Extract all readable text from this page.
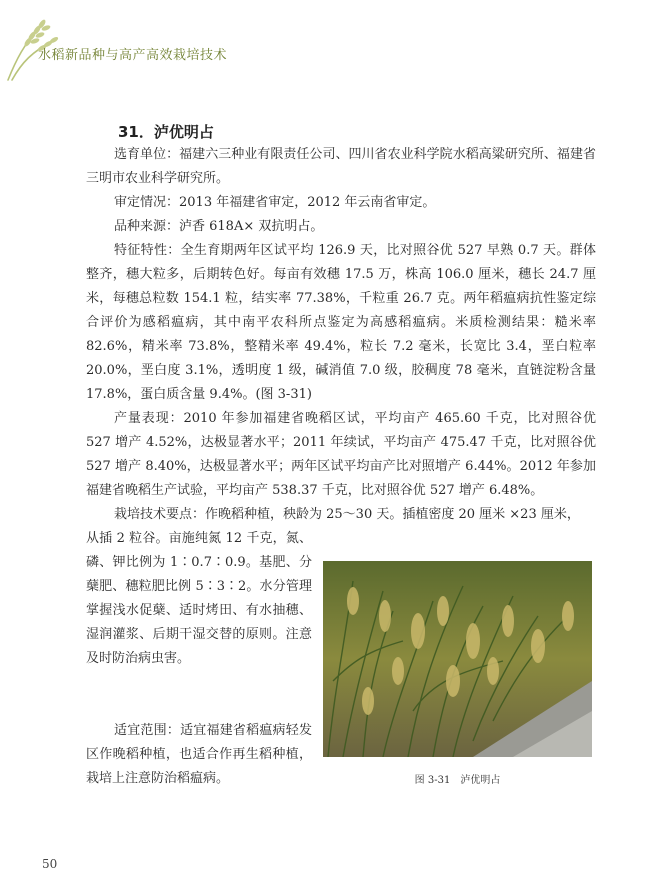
水稻新品种与高产高效栽培技术
31．泸优明占

选育单位：福建六三种业有限责任公司、四川省农业科学院水稻高粱研究所、福建省三明市农业科学研究所。

审定情况：2013 年福建省审定，2012 年云南省审定。

品种来源：泸香 618A× 双抗明占。

特征特性：全生育期两年区试平均 126.9 天，比对照谷优 527 早熟 0.7 天。群体整齐，穗大粒多，后期转色好。每亩有效穗 17.5 万，株高 106.0 厘米，穗长 24.7 厘米，每穗总粒数 154.1 粒，结实率 77.38%，千粒重 26.7 克。两年稻瘟病抗性鉴定综合评价为感稻瘟病，其中南平农科所点鉴定为高感稻瘟病。米质检测结果：糙米率 82.6%，精米率 73.8%，整精米率 49.4%，粒长 7.2 毫米，长宽比 3.4，垩白粒率 20.0%，垩白度 3.1%，透明度 1 级，碱消值 7.0 级，胶稠度 78 毫米，直链淀粉含量 17.8%，蛋白质含量 9.4%。(图 3-31)

产量表现：2010 年参加福建省晚稻区试，平均亩产 465.60 千克，比对照谷优 527 增产 4.52%，达极显著水平；2011 年续试，平均亩产 475.47 千克，比对照谷优 527 增产 8.40%，达极显著水平；两年区试平均亩产比对照增产 6.44%。2012 年参加福建省晚稻生产试验，平均亩产 538.37 千克，比对照谷优 527 增产 6.48%。

栽培技术要点：作晚稻种植，秧龄为 25～30 天。插植密度 20 厘米 ×23 厘米，

从插 2 粒谷。亩施纯氮 12 千克，氮、磷、钾比例为 1∶0.7∶0.9。基肥、分蘖肥、穗粒肥比例 5∶3∶2。水分管理掌握浅水促蘖、适时烤田、有水抽穗、湿润灌浆、后期干湿交替的原则。注意及时防治病虫害。

适宜范围：适宜福建省稻瘟病轻发区作晚稻种植，也适合作再生稻种植，栽培上注意防治稻瘟病。	图 3-31　泸优明占
50
